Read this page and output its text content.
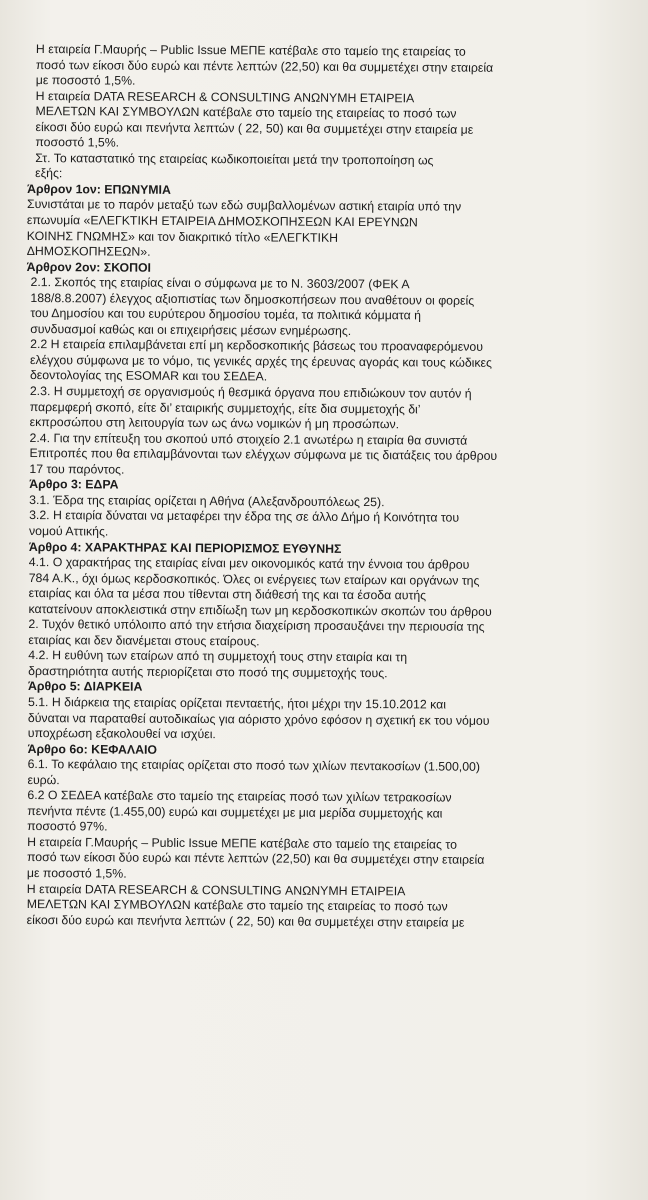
Η εταιρεία Γ.Μαυρής – Public Issue ΜΕΠΕ κατέβαλε στο ταμείο της εταιρείας το
ποσό των είκοσι δύο ευρώ και πέντε λεπτών (22,50) και θα συμμετέχει στην εταιρεία
με ποσοστό 1,5%.
Η εταιρεία DATA RESEARCH & CONSULTING ΑΝΩΝΥΜΗ ΕΤΑΙΡΕΙΑ
ΜΕΛΕΤΩΝ ΚΑΙ ΣΥΜΒΟΥΛΩΝ κατέβαλε στο ταμείο της εταιρείας το ποσό των
είκοσι δύο ευρώ και πενήντα λεπτών ( 22, 50) και θα συμμετέχει στην εταιρεία με
ποσοστό 1,5%.
Στ. Το καταστατικό της εταιρείας κωδικοποιείται μετά την τροποποίηση ως
εξής:
Άρθρον 1ον: ΕΠΩΝΥΜΙΑ
Συνιστάται με το παρόν μεταξύ των εδώ συμβαλλομένων αστική εταιρία υπό την
επωνυμία «ΕΛΕΓΚΤΙΚΗ ΕΤΑΙΡΕΙΑ ΔΗΜΟΣΚΟΠΗΣΕΩΝ ΚΑΙ ΕΡΕΥΝΩΝ
ΚΟΙΝΗΣ ΓΝΩΜΗΣ» και τον διακριτικό τίτλο «ΕΛΕΓΚΤΙΚΗ
ΔΗΜΟΣΚΟΠΗΣΕΩΝ».
Άρθρον 2ον: ΣΚΟΠΟΙ
2.1. Σκοπός της εταιρίας είναι ο σύμφωνα με το Ν. 3603/2007 (ΦΕΚ Α
188/8.8.2007) έλεγχος αξιοπιστίας των δημοσκοπήσεων που αναθέτουν οι φορείς
του Δημοσίου και του ευρύτερου δημοσίου τομέα, τα πολιτικά κόμματα ή
συνδυασμοί καθώς και οι επιχειρήσεις μέσων ενημέρωσης.
2.2 Η εταιρεία επιλαμβάνεται επί μη κερδοσκοπικής βάσεως του προαναφερόμενου
ελέγχου σύμφωνα με το νόμο, τις γενικές αρχές της έρευνας αγοράς και τους κώδικες
δεοντολογίας της ESOMAR και του ΣΕΔΕΑ.
2.3. Η συμμετοχή σε οργανισμούς ή θεσμικά όργανα που επιδιώκουν τον αυτόν ή
παρεμφερή σκοπό, είτε δι’ εταιρικής συμμετοχής, είτε δια συμμετοχής δι’
εκπροσώπου στη λειτουργία των ως άνω νομικών ή μη προσώπων.
2.4. Για την επίτευξη του σκοπού υπό στοιχείο 2.1 ανωτέρω η εταιρία θα συνιστά
Επιτροπές που θα επιλαμβάνονται των ελέγχων σύμφωνα με τις διατάξεις του άρθρου
17 του παρόντος.
Άρθρο 3: ΕΔΡΑ
3.1. Έδρα της εταιρίας ορίζεται η Αθήνα (Αλεξανδρουπόλεως 25).
3.2. Η εταιρία δύναται να μεταφέρει την έδρα της σε άλλο Δήμο ή Κοινότητα του
νομού Αττικής.
Άρθρο 4: ΧΑΡΑΚΤΗΡΑΣ ΚΑΙ ΠΕΡΙΟΡΙΣΜΟΣ ΕΥΘΥΝΗΣ
4.1. Ο χαρακτήρας της εταιρίας είναι μεν οικονομικός κατά την έννοια του άρθρου
784 Α.Κ., όχι όμως κερδοσκοπικός. Όλες οι ενέργειες των εταίρων και οργάνων της
εταιρίας και όλα τα μέσα που τίθενται στη διάθεσή της και τα έσοδα αυτής
κατατείνουν αποκλειστικά στην επιδίωξη των μη κερδοσκοπικών σκοπών του άρθρου
2. Τυχόν θετικό υπόλοιπο από την ετήσια διαχείριση προσαυξάνει την περιουσία της
εταιρίας και δεν διανέμεται στους εταίρους.
4.2. Η ευθύνη των εταίρων από τη συμμετοχή τους στην εταιρία και τη
δραστηριότητα αυτής περιορίζεται στο ποσό της συμμετοχής τους.
Άρθρο 5: ΔΙΑΡΚΕΙΑ
5.1. Η διάρκεια της εταιρίας ορίζεται πενταετής, ήτοι μέχρι την 15.10.2012 και
δύναται να παραταθεί αυτοδικαίως για αόριστο χρόνο εφόσον η σχετική εκ του νόμου
υποχρέωση εξακολουθεί να ισχύει.
Άρθρο 6ο: ΚΕΦΑΛΑΙΟ
6.1. Το κεφάλαιο της εταιρίας ορίζεται στο ποσό των χιλίων πεντακοσίων (1.500,00)
ευρώ.
6.2 Ο ΣΕΔΕΑ κατέβαλε στο ταμείο της εταιρείας ποσό των χιλίων τετρακοσίων
πενήντα πέντε (1.455,00) ευρώ και συμμετέχει με μια μερίδα συμμετοχής και
ποσοστό 97%.
Η εταιρεία Γ.Μαυρής – Public Issue ΜΕΠΕ κατέβαλε στο ταμείο της εταιρείας το
ποσό των είκοσι δύο ευρώ και πέντε λεπτών (22,50) και θα συμμετέχει στην εταιρεία
με ποσοστό 1,5%.
Η εταιρεία DATA RESEARCH & CONSULTING ΑΝΩΝΥΜΗ ΕΤΑΙΡΕΙΑ
ΜΕΛΕΤΩΝ ΚΑΙ ΣΥΜΒΟΥΛΩΝ κατέβαλε στο ταμείο της εταιρείας το ποσό των
είκοσι δύο ευρώ και πενήντα λεπτών ( 22, 50) και θα συμμετέχει στην εταιρεία με
